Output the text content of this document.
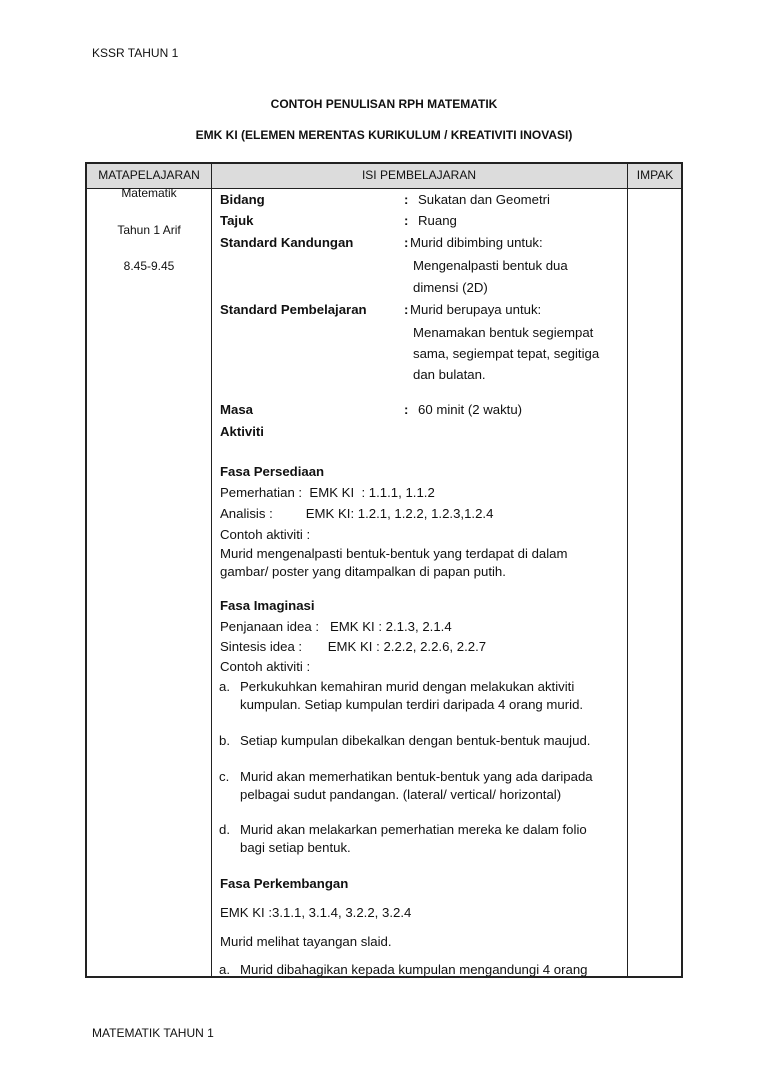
KSSR TAHUN 1
CONTOH PENULISAN RPH MATEMATIK
EMK KI (ELEMEN MERENTAS KURIKULUM / KREATIVITI INOVASI)
MATAPELAJARAN	ISI PEMBELAJARAN	IMPAK
Matematik
Tahun 1 Arif
8.45-9.45
Bidang	: Sukatan dan Geometri
Tajuk	: Ruang
Standard Kandungan	: Murid dibimbing untuk:
Mengenalpasti bentuk dua
dimensi (2D)
Standard Pembelajaran	: Murid berupaya untuk:
Menamakan bentuk segiempat
sama, segiempat tepat, segitiga
dan bulatan.
Masa	: 60 minit (2 waktu)
Aktiviti
Fasa Persediaan
Pemerhatian :  EMK KI  : 1.1.1, 1.1.2
Analisis :         EMK KI: 1.2.1, 1.2.2, 1.2.3,1.2.4
Contoh aktiviti :
Murid mengenalpasti bentuk-bentuk yang terdapat di dalam
gambar/ poster yang ditampalkan di papan putih.
Fasa Imaginasi
Penjanaan idea :   EMK KI : 2.1.3, 2.1.4
Sintesis idea :       EMK KI : 2.2.2, 2.2.6, 2.2.7
Contoh aktiviti :
a. Perkukuhkan kemahiran murid dengan melakukan aktiviti
kumpulan. Setiap kumpulan terdiri daripada 4 orang murid.
b. Setiap kumpulan dibekalkan dengan bentuk-bentuk maujud.
c. Murid akan memerhatikan bentuk-bentuk yang ada daripada
pelbagai sudut pandangan. (lateral/ vertical/ horizontal)
d. Murid akan melakarkan pemerhatian mereka ke dalam folio
bagi setiap bentuk.
Fasa Perkembangan
EMK KI :3.1.1, 3.1.4, 3.2.2, 3.2.4
Murid melihat tayangan slaid.
a. Murid dibahagikan kepada kumpulan mengandungi 4 orang
MATEMATIK TAHUN 1
